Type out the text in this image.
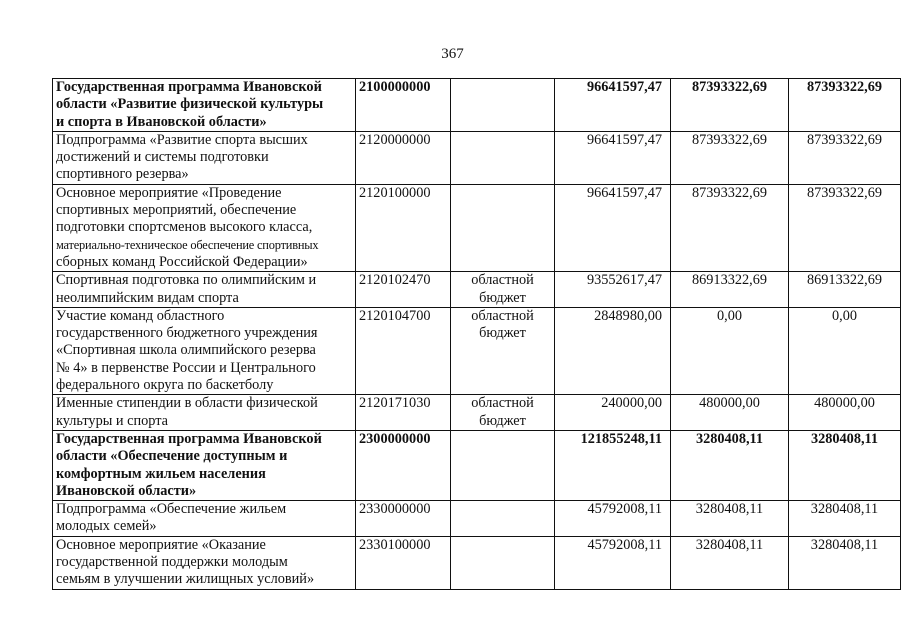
367
Государственная программа Ивановской
области «Развитие физической культуры
и спорта в Ивановской области»	2100000000		96641597,47	87393322,69	87393322,69
Подпрограмма «Развитие спорта высших
достижений и системы подготовки
спортивного резерва»	2120000000		96641597,47	87393322,69	87393322,69
Основное мероприятие «Проведение
спортивных мероприятий, обеспечение
подготовки спортсменов высокого класса,
материально-техническое обеспечение спортивных
сборных команд Российской Федерации»	2120100000		96641597,47	87393322,69	87393322,69
Спортивная подготовка по олимпийским и
неолимпийским видам спорта	2120102470	областной
бюджет	93552617,47	86913322,69	86913322,69
Участие команд областного
государственного бюджетного учреждения
«Спортивная школа олимпийского резерва
№ 4» в первенстве России и Центрального
федерального округа по баскетболу	2120104700	областной
бюджет	2848980,00	0,00	0,00
Именные стипендии в области физической
культуры и спорта	2120171030	областной
бюджет	240000,00	480000,00	480000,00
Государственная программа Ивановской
области «Обеспечение доступным и
комфортным жильем населения
Ивановской области»	2300000000		121855248,11	3280408,11	3280408,11
Подпрограмма «Обеспечение жильем
молодых семей»	2330000000		45792008,11	3280408,11	3280408,11
Основное мероприятие «Оказание
государственной поддержки молодым
семьям в улучшении жилищных условий»	2330100000		45792008,11	3280408,11	3280408,11
